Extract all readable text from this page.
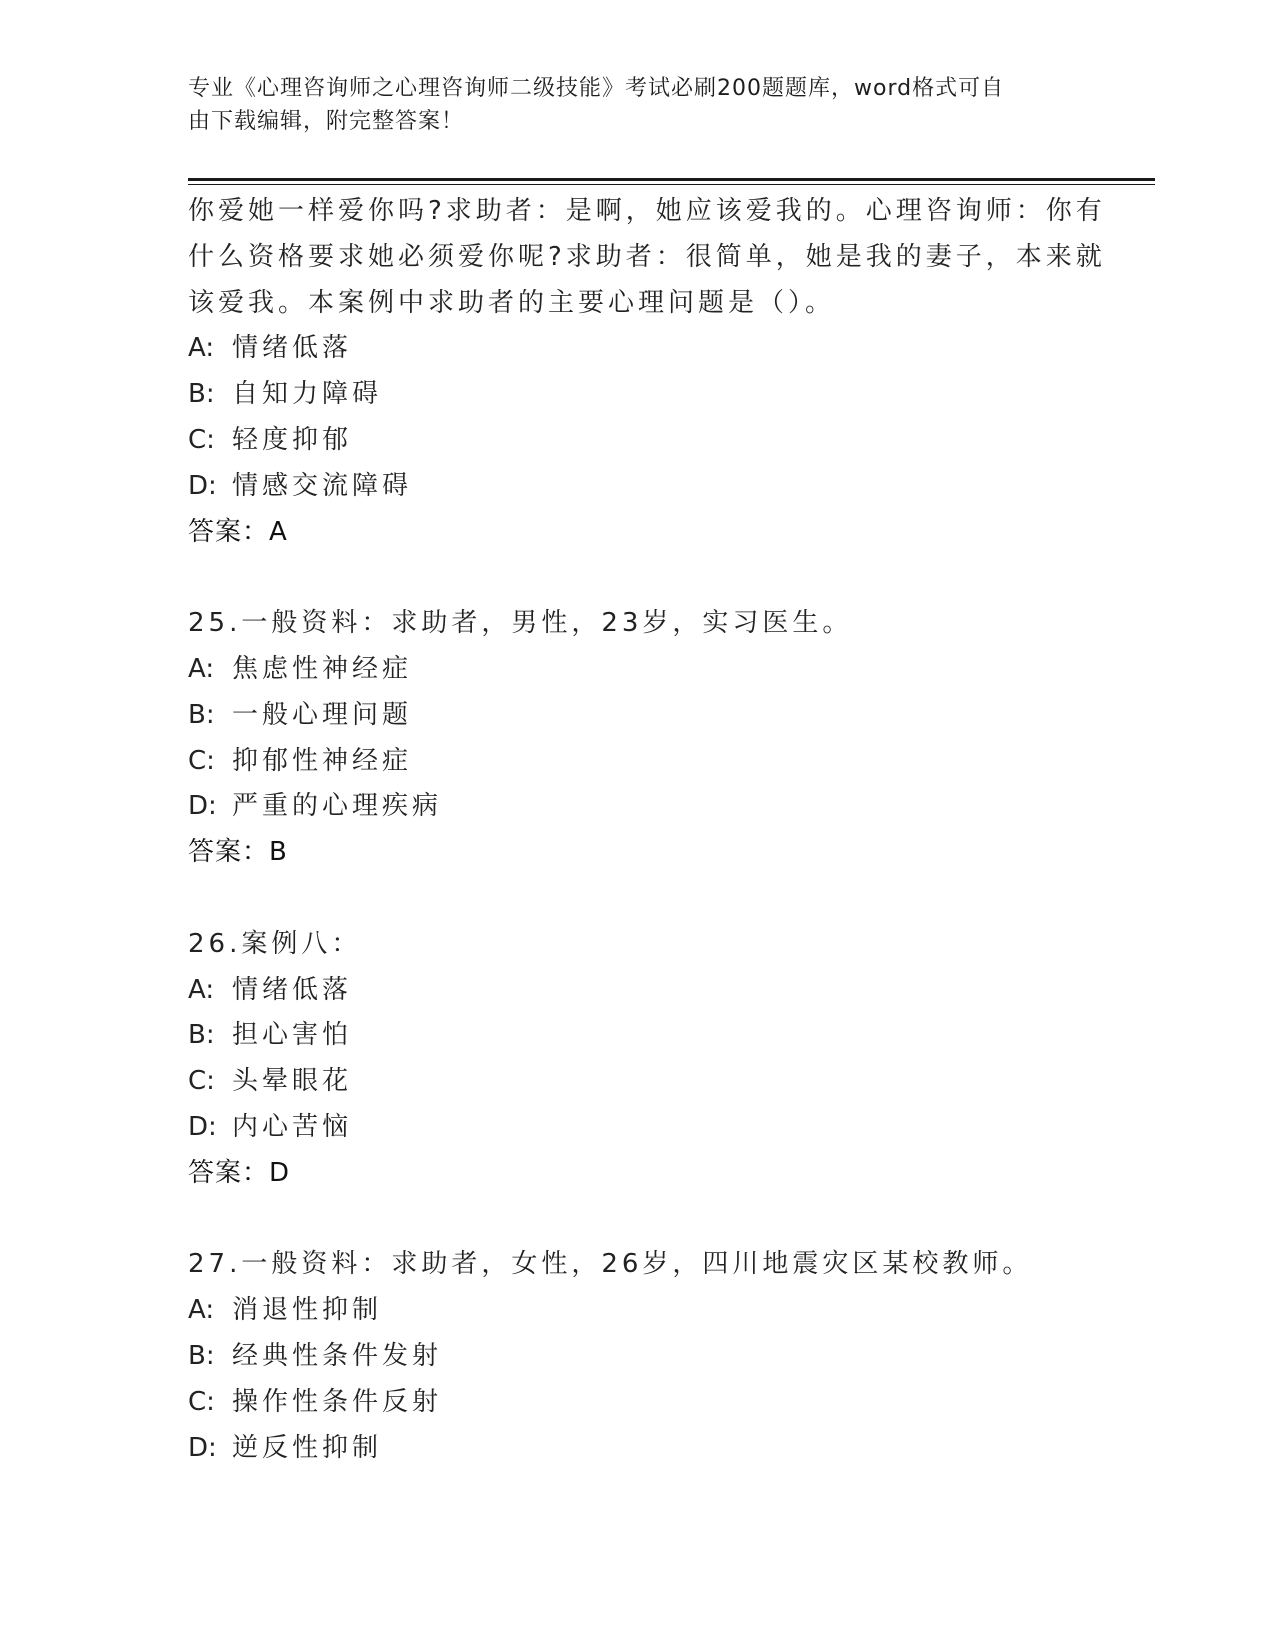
专业《心理咨询师之心理咨询师二级技能》考试必刷200题题库，word格式可自
由下载编辑，附完整答案！
你爱她一样爱你吗?求助者：是啊，她应该爱我的。心理咨询师：你有
什么资格要求她必须爱你呢?求助者：很简单，她是我的妻子，本来就
该爱我。本案例中求助者的主要心理问题是（）。
A: 情绪低落
B: 自知力障碍
C: 轻度抑郁
D: 情感交流障碍
答案：A
25.一般资料：求助者，男性，23岁，实习医生。
A: 焦虑性神经症
B: 一般心理问题
C: 抑郁性神经症
D: 严重的心理疾病
答案：B
26.案例八：
A: 情绪低落
B: 担心害怕
C: 头晕眼花
D: 内心苦恼
答案：D
27.一般资料：求助者，女性，26岁，四川地震灾区某校教师。
A: 消退性抑制
B: 经典性条件发射
C: 操作性条件反射
D: 逆反性抑制
